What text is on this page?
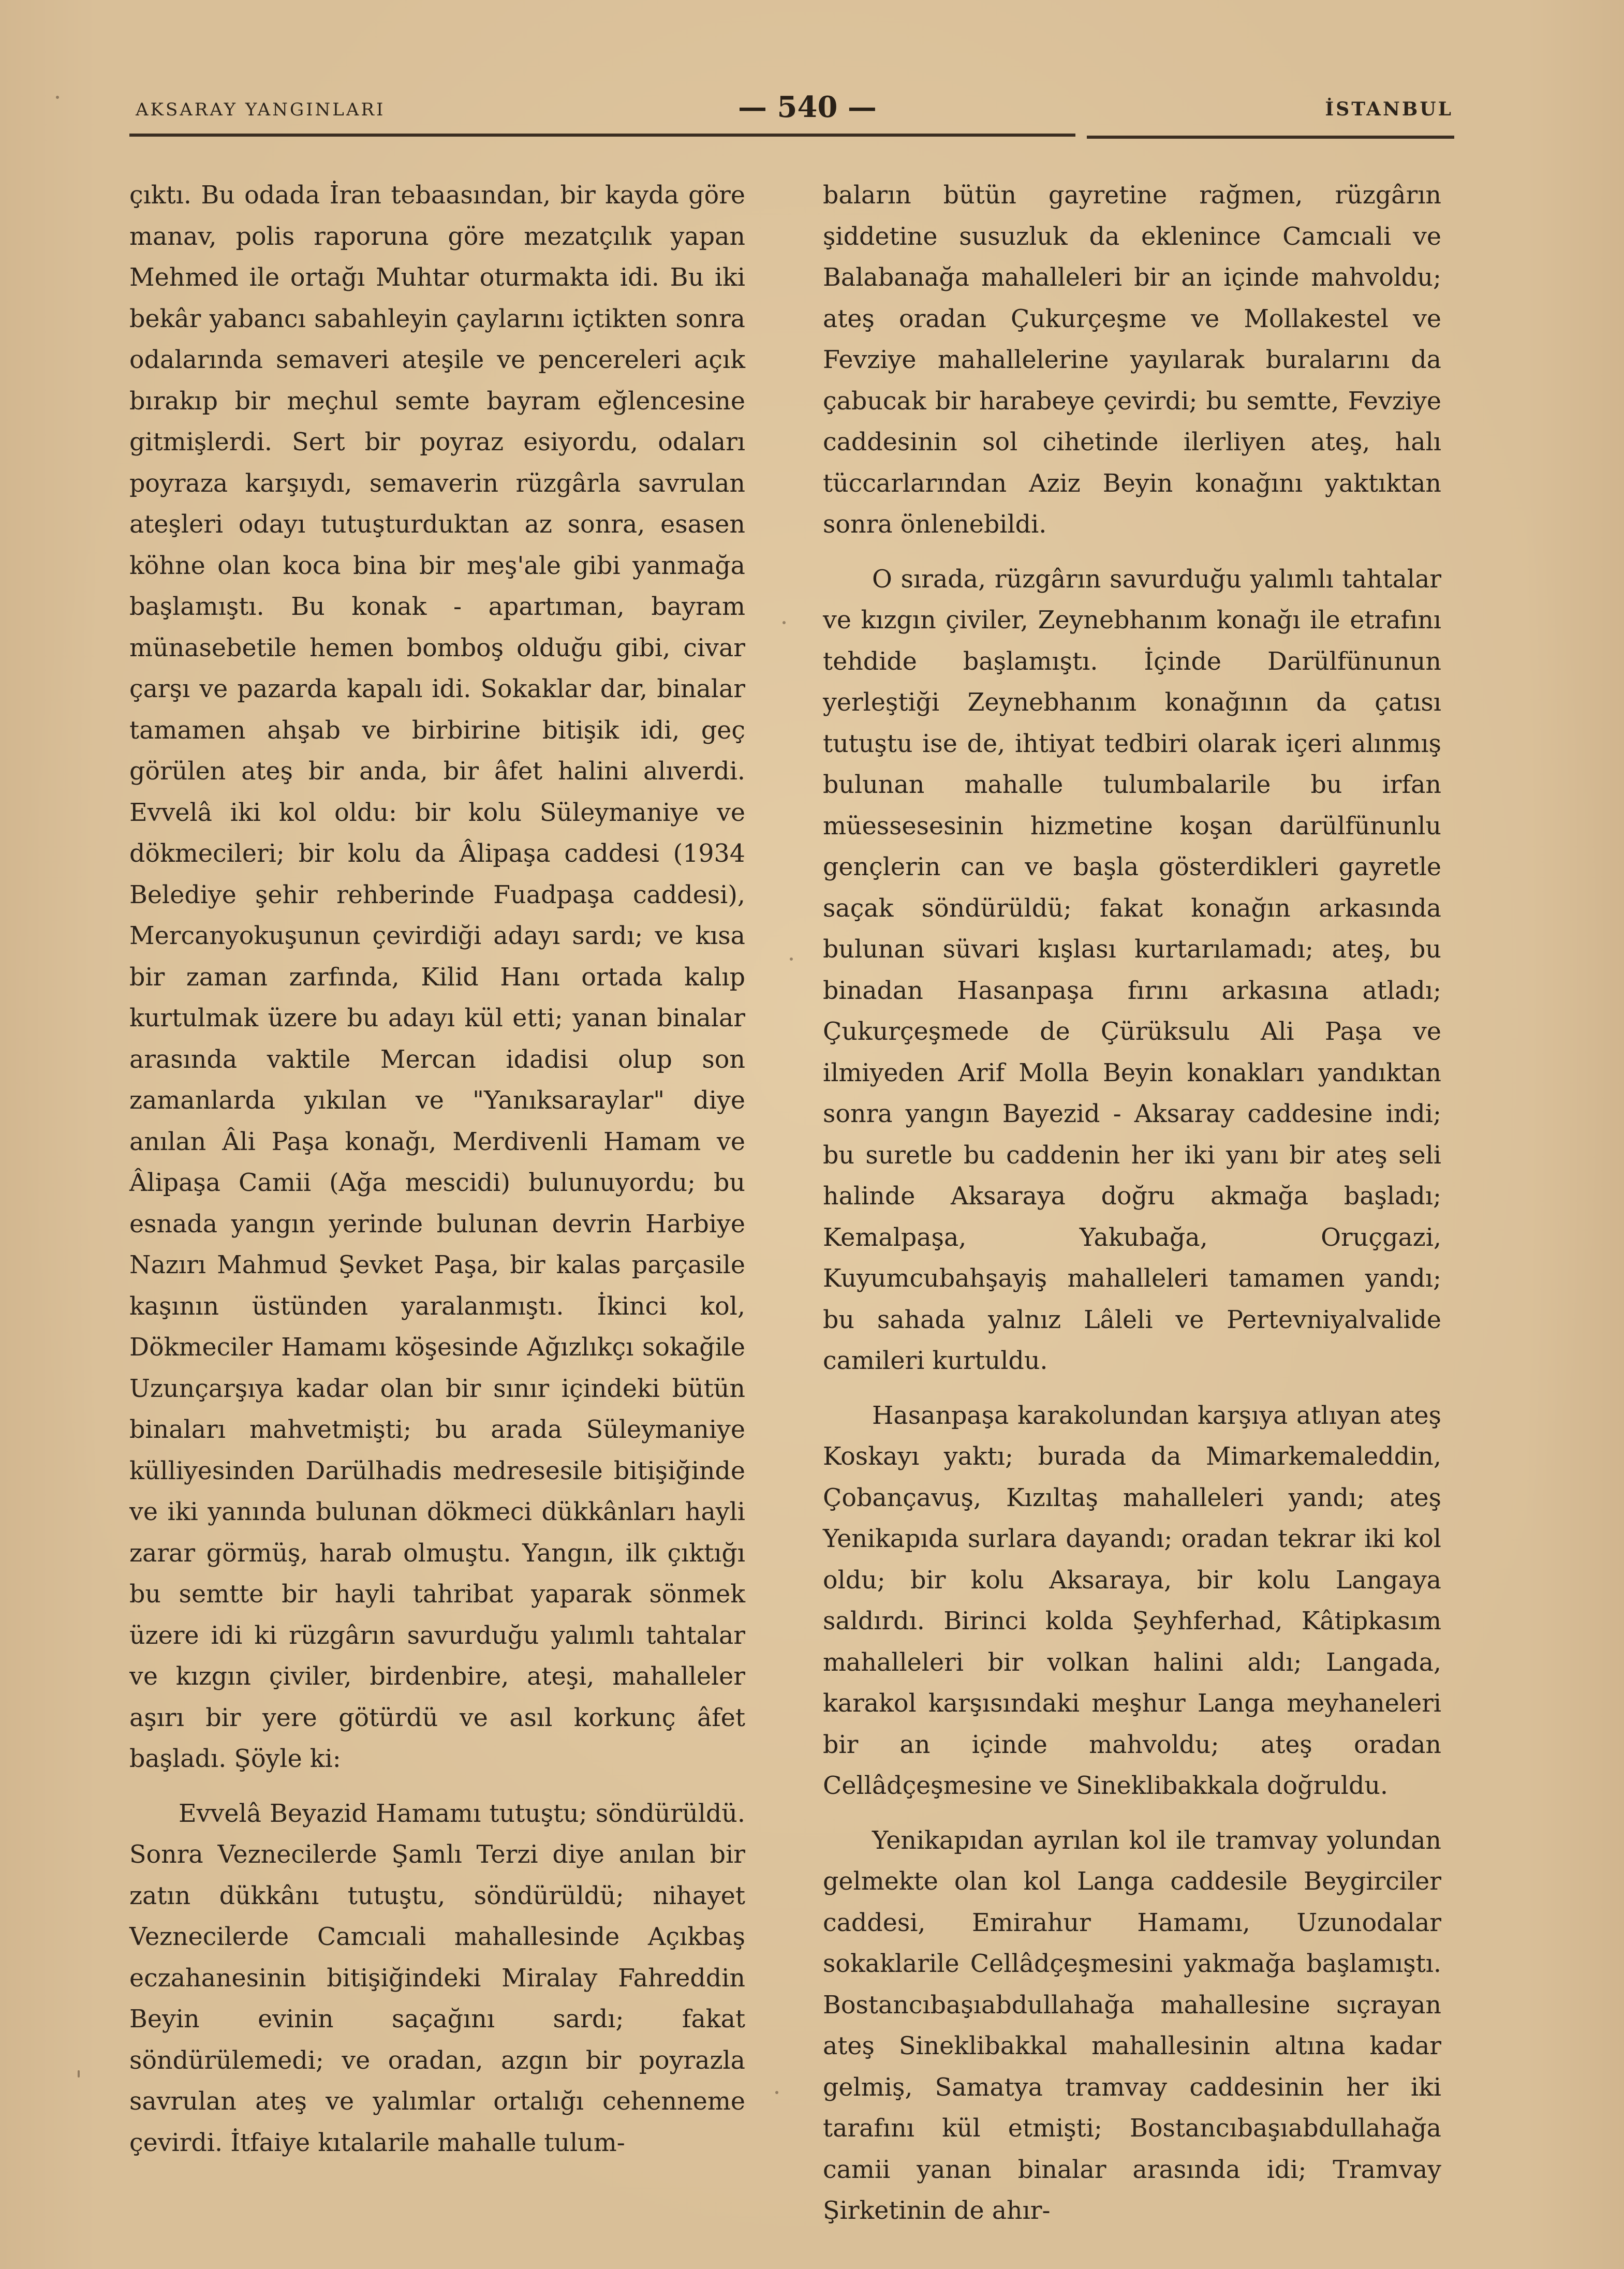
AKSARAY YANGINLARI	— 540 —	İSTANBUL

çıktı. Bu odada İran tebaasından, bir kayda göre manav, polis raporuna göre mezatçılık yapan Mehmed ile ortağı Muhtar oturmakta idi. Bu iki bekâr yabancı sabahleyin çaylarını içtikten sonra odalarında semaveri ateşile ve pencereleri açık bırakıp bir meçhul semte bayram eğlencesine gitmişlerdi. Sert bir poyraz esiyordu, odaları poyraza karşıydı, semaverin rüzgârla savrulan ateşleri odayı tutuşturduktan az sonra, esasen köhne olan koca bina bir meş'ale gibi yanmağa başlamıştı. Bu konak - apartıman, bayram münasebetile hemen bomboş olduğu gibi, civar çarşı ve pazarda kapalı idi. Sokaklar dar, binalar tamamen ahşab ve birbirine bitişik idi, geç görülen ateş bir anda, bir âfet halini alıverdi. Evvelâ iki kol oldu: bir kolu Süleymaniye ve dökmecileri; bir kolu da Âlipaşa caddesi (1934 Belediye şehir rehberinde Fuadpaşa caddesi), Mercanyokuşunun çevirdiği adayı sardı; ve kısa bir zaman zarfında, Kilid Hanı ortada kalıp kurtulmak üzere bu adayı kül etti; yanan binalar arasında vaktile Mercan idadisi olup son zamanlarda yıkılan ve "Yanıksaraylar" diye anılan Âli Paşa konağı, Merdivenli Hamam ve Âlipaşa Camii (Ağa mescidi) bulunuyordu; bu esnada yangın yerinde bulunan devrin Harbiye Nazırı Mahmud Şevket Paşa, bir kalas parçasile kaşının üstünden yaralanmıştı. İkinci kol, Dökmeciler Hamamı köşesinde Ağızlıkçı sokağile Uzunçarşıya kadar olan bir sınır içindeki bütün binaları mahvetmişti; bu arada Süleymaniye külliyesinden Darülhadis medresesile bitişiğinde ve iki yanında bulunan dökmeci dükkânları hayli zarar görmüş, harab olmuştu. Yangın, ilk çıktığı bu semtte bir hayli tahribat yaparak sönmek üzere idi ki rüzgârın savurduğu yalımlı tahtalar ve kızgın çiviler, birdenbire, ateşi, mahalleler aşırı bir yere götürdü ve asıl korkunç âfet başladı. Şöyle ki:

Evvelâ Beyazid Hamamı tutuştu; söndürüldü. Sonra Veznecilerde Şamlı Terzi diye anılan bir zatın dükkânı tutuştu, söndürüldü; nihayet Veznecilerde Camcıali mahallesinde Açıkbaş eczahanesinin bitişiğindeki Miralay Fahreddin Beyin evinin saçağını sardı; fakat söndürülemedi; ve oradan, azgın bir poyrazla savrulan ateş ve yalımlar ortalığı cehenneme çevirdi. İtfaiye kıtalarile mahalle tulum-

baların bütün gayretine rağmen, rüzgârın şiddetine susuzluk da eklenince Camcıali ve Balabanağa mahalleleri bir an içinde mahvoldu; ateş oradan Çukurçeşme ve Mollakestel ve Fevziye mahallelerine yayılarak buralarını da çabucak bir harabeye çevirdi; bu semtte, Fevziye caddesinin sol cihetinde ilerliyen ateş, halı tüccarlarından Aziz Beyin konağını yaktıktan sonra önlenebildi.

O sırada, rüzgârın savurduğu yalımlı tahtalar ve kızgın çiviler, Zeynebhanım konağı ile etrafını tehdide başlamıştı. İçinde Darülfünunun yerleştiği Zeynebhanım konağının da çatısı tutuştu ise de, ihtiyat tedbiri olarak içeri alınmış bulunan mahalle tulumbalarile bu irfan müessesesinin hizmetine koşan darülfünunlu gençlerin can ve başla gösterdikleri gayretle saçak söndürüldü; fakat konağın arkasında bulunan süvari kışlası kurtarılamadı; ateş, bu binadan Hasanpaşa fırını arkasına atladı; Çukurçeşmede de Çürüksulu Ali Paşa ve ilmiyeden Arif Molla Beyin konakları yandıktan sonra yangın Bayezid - Aksaray caddesine indi; bu suretle bu caddenin her iki yanı bir ateş seli halinde Aksaraya doğru akmağa başladı; Kemalpaşa, Yakubağa, Oruçgazi, Kuyumcubahşayiş mahalleleri tamamen yandı; bu sahada yalnız Lâleli ve Pertevniyalvalide camileri kurtuldu.

Hasanpaşa karakolundan karşıya atlıyan ateş Koskayı yaktı; burada da Mimarkemaleddin, Çobançavuş, Kızıltaş mahalleleri yandı; ateş Yenikapıda surlara dayandı; oradan tekrar iki kol oldu; bir kolu Aksaraya, bir kolu Langaya saldırdı. Birinci kolda Şeyhferhad, Kâtipkasım mahalleleri bir volkan halini aldı; Langada, karakol karşısındaki meşhur Langa meyhaneleri bir an içinde mahvoldu; ateş oradan Cellâdçeşmesine ve Sineklibakkala doğruldu.

Yenikapıdan ayrılan kol ile tramvay yolundan gelmekte olan kol Langa caddesile Beygirciler caddesi, Emirahur Hamamı, Uzunodalar sokaklarile Cellâdçeşmesini yakmağa başlamıştı. Bostancıbaşıabdullahağa mahallesine sıçrayan ateş Sineklibakkal mahallesinin altına kadar gelmiş, Samatya tramvay caddesinin her iki tarafını kül etmişti; Bostancıbaşıabdullahağa camii yanan binalar arasında idi; Tramvay Şirketinin de ahır-
